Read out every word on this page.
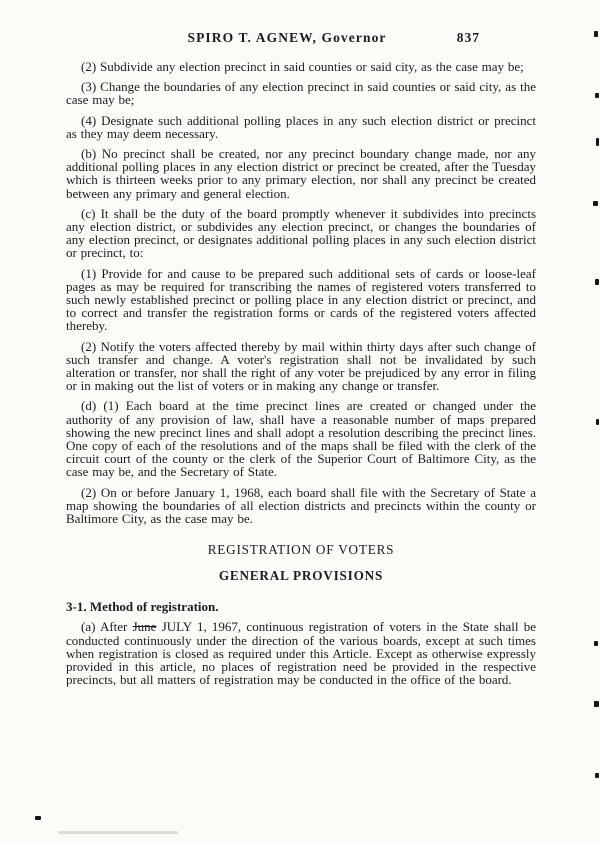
SPIRO T. AGNEW, Governor	837

(2) Subdivide any election precinct in said counties or said city, as the case may be;

(3) Change the boundaries of any election precinct in said counties or said city, as the case may be;

(4) Designate such additional polling places in any such election district or precinct as they may deem necessary.

(b) No precinct shall be created, nor any precinct boundary change made, nor any additional polling places in any election district or precinct be created, after the Tuesday which is thirteen weeks prior to any primary election, nor shall any precinct be created between any primary and general election.

(c) It shall be the duty of the board promptly whenever it subdivides into precincts any election district, or subdivides any election precinct, or changes the boundaries of any election precinct, or designates additional polling places in any such election district or precinct, to:

(1) Provide for and cause to be prepared such additional sets of cards or loose-leaf pages as may be required for transcribing the names of registered voters transferred to such newly established precinct or polling place in any election district or precinct, and to correct and transfer the registration forms or cards of the registered voters affected thereby.

(2) Notify the voters affected thereby by mail within thirty days after such change of such transfer and change. A voter's registration shall not be invalidated by such alteration or transfer, nor shall the right of any voter be prejudiced by any error in filing or in making out the list of voters or in making any change or transfer.

(d) (1) Each board at the time precinct lines are created or changed under the authority of any provision of law, shall have a reasonable number of maps prepared showing the new precinct lines and shall adopt a resolution describing the precinct lines. One copy of each of the resolutions and of the maps shall be filed with the clerk of the circuit court of the county or the clerk of the Superior Court of Baltimore City, as the case may be, and the Secretary of State.

(2) On or before January 1, 1968, each board shall file with the Secretary of State a map showing the boundaries of all election districts and precincts within the county or Baltimore City, as the case may be.

REGISTRATION OF VOTERS
GENERAL PROVISIONS

3-1. Method of registration.

(a) After June JULY 1, 1967, continuous registration of voters in the State shall be conducted continuously under the direction of the various boards, except at such times when registration is closed as required under this Article. Except as otherwise expressly provided in this article, no places of registration need be provided in the respective precincts, but all matters of registration may be conducted in the office of the board.
